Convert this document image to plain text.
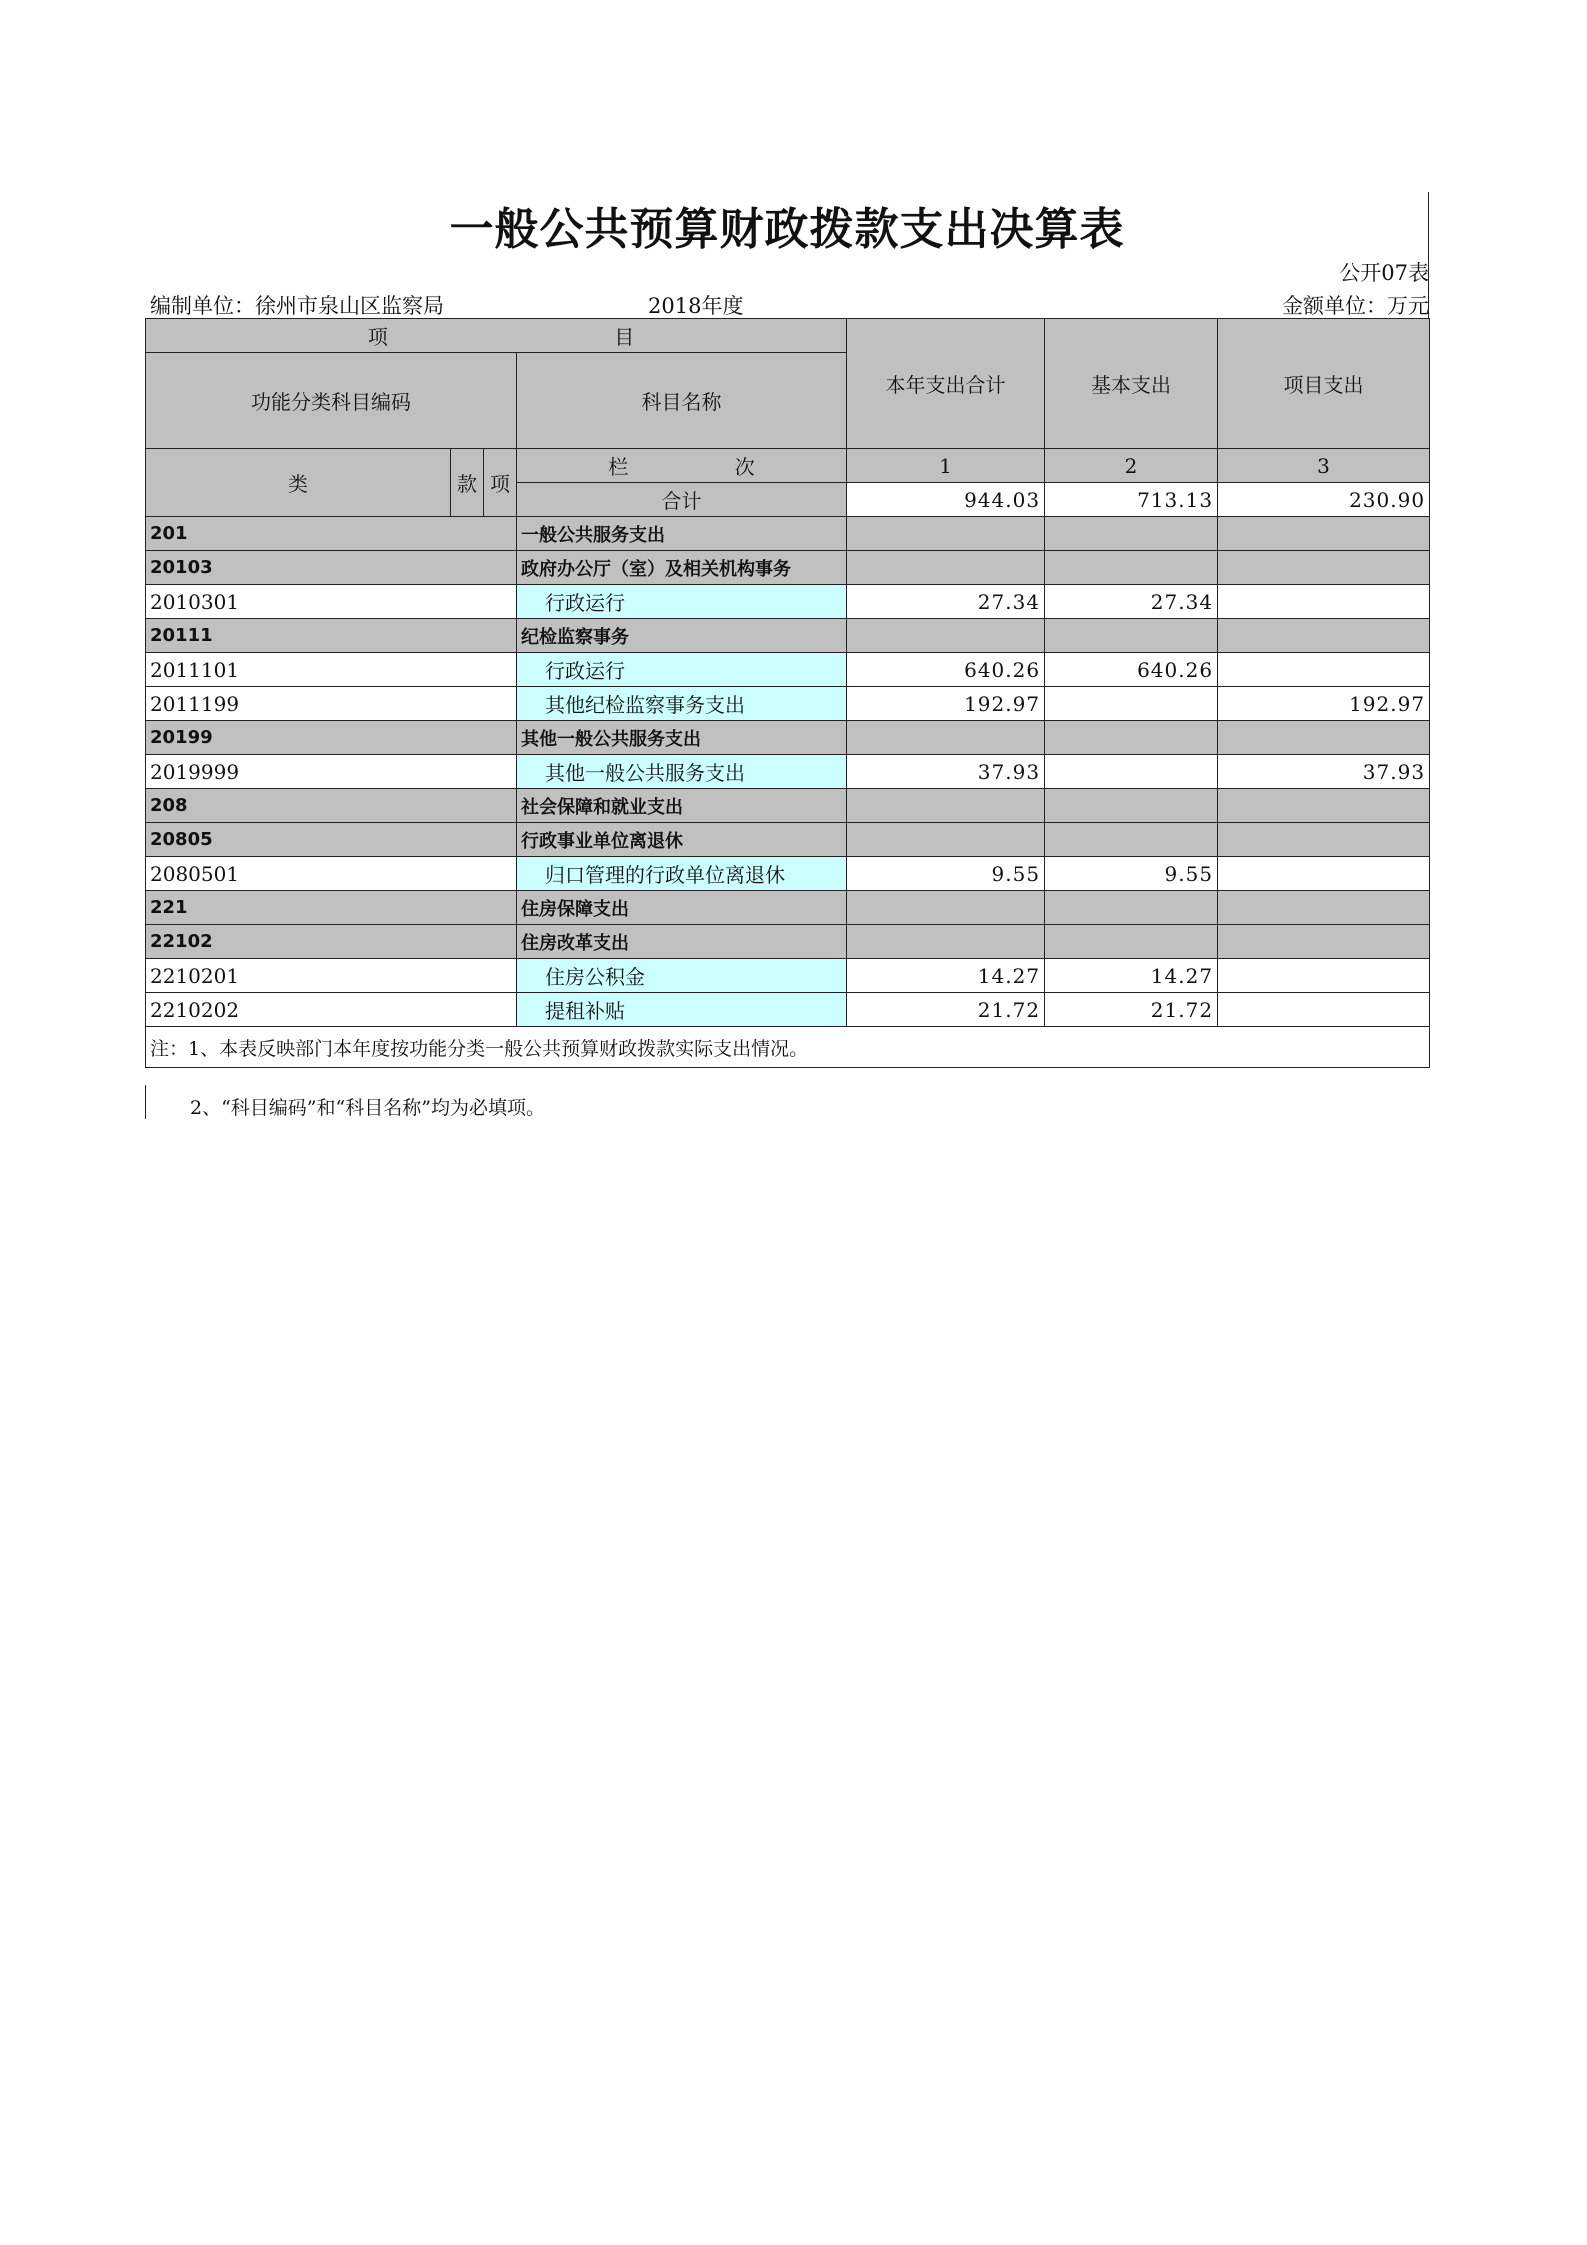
一般公共预算财政拨款支出决算表
公开07表
编制单位：徐州市泉山区监察局	2018年度	金额单位：万元
项 目				本年支出合计	基本支出	项目支出
功能分类科目编码			科目名称			
类	款	项	栏 次	1	2	3
			合计	944.03	713.13	230.90
201			一般公共服务支出			
20103			政府办公厅（室）及相关机构事务			
2010301			行政运行	27.34	27.34	
20111			纪检监察事务			
2011101			行政运行	640.26	640.26	
2011199			其他纪检监察事务支出	192.97		192.97
20199			其他一般公共服务支出			
2019999			其他一般公共服务支出	37.93		37.93
208			社会保障和就业支出			
20805			行政事业单位离退休			
2080501			归口管理的行政单位离退休	9.55	9.55	
221			住房保障支出			
22102			住房改革支出			
2210201			住房公积金	14.27	14.27	
2210202			提租补贴	21.72	21.72	
注：1、本表反映部门本年度按功能分类一般公共预算财政拨款实际支出情况。						
2、“科目编码”和“科目名称”均为必填项。
